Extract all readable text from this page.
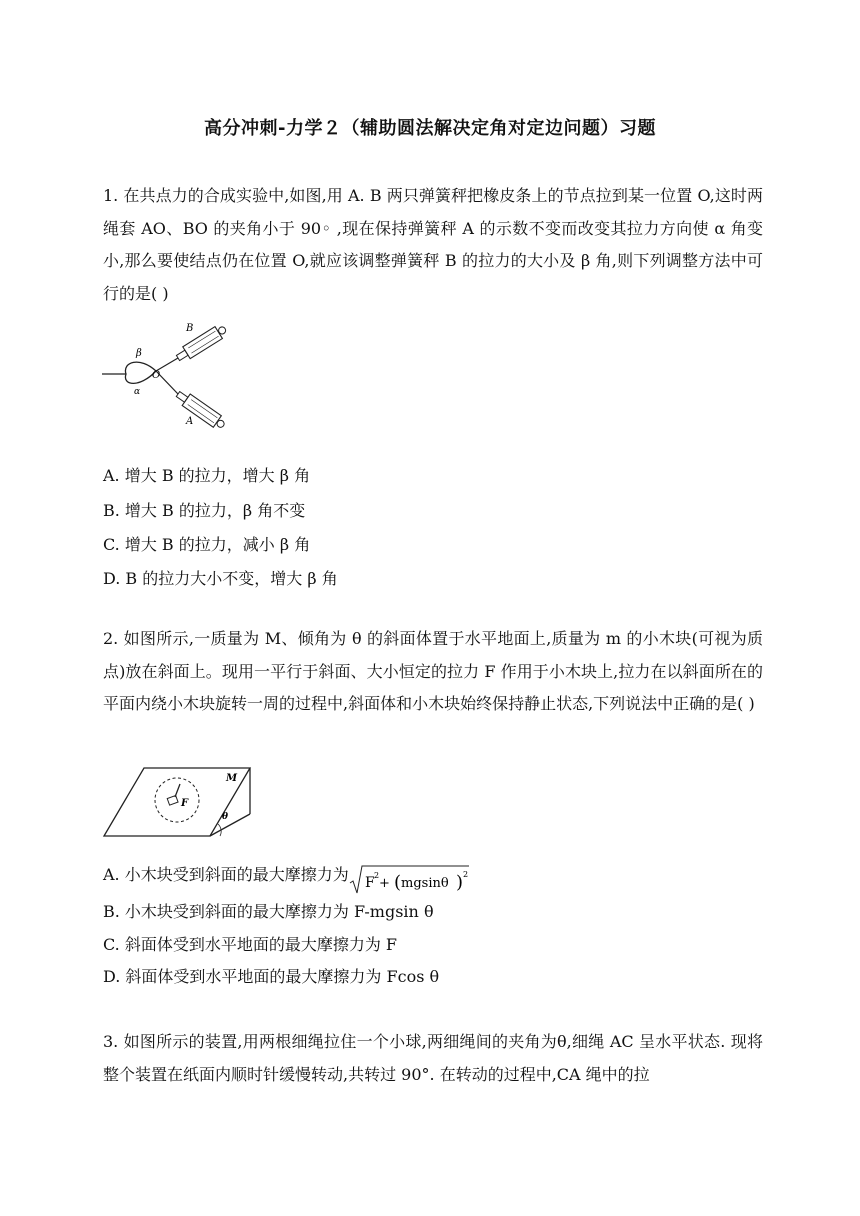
高分冲刺-力学２（辅助圆法解决定角对定边问题）习题
1. 在共点力的合成实验中,如图,用 A. B 两只弹簧秤把橡皮条上的节点拉到某一位置 O,这时两绳套 AO、BO 的夹角小于 90◦ ,现在保持弹簧秤 A 的示数不变而改变其拉力方向使 α 角变小,那么要使结点仍在位置 O,就应该调整弹簧秤 B 的拉力的大小及 β 角,则下列调整方法中可行的是( )
B
A
O
β
α
A. 增大 B 的拉力，增大 β 角
B. 增大 B 的拉力，β 角不变
C. 增大 B 的拉力，减小 β 角
D. B 的拉力大小不变，增大 β 角
2. 如图所示,一质量为 M、倾角为 θ 的斜面体置于水平地面上,质量为 m 的小木块(可视为质点)放在斜面上。现用一平行于斜面、大小恒定的拉力 F 作用于小木块上,拉力在以斜面所在的平面内绕小木块旋转一周的过程中,斜面体和小木块始终保持静止状态,下列说法中正确的是( )
F
M
θ
A. 小木块受到斜面的最大摩擦力为 F 2
+ ( mgsinθ ) 2
B. 小木块受到斜面的最大摩擦力为 F-mgsin θ
C. 斜面体受到水平地面的最大摩擦力为 F
D. 斜面体受到水平地面的最大摩擦力为 Fcos θ
3. 如图所示的装置,用两根细绳拉住一个小球,两细绳间的夹角为θ,细绳 AC 呈水平状态. 现将整个装置在纸面内顺时针缓慢转动,共转过 90°. 在转动的过程中,CA 绳中的拉
